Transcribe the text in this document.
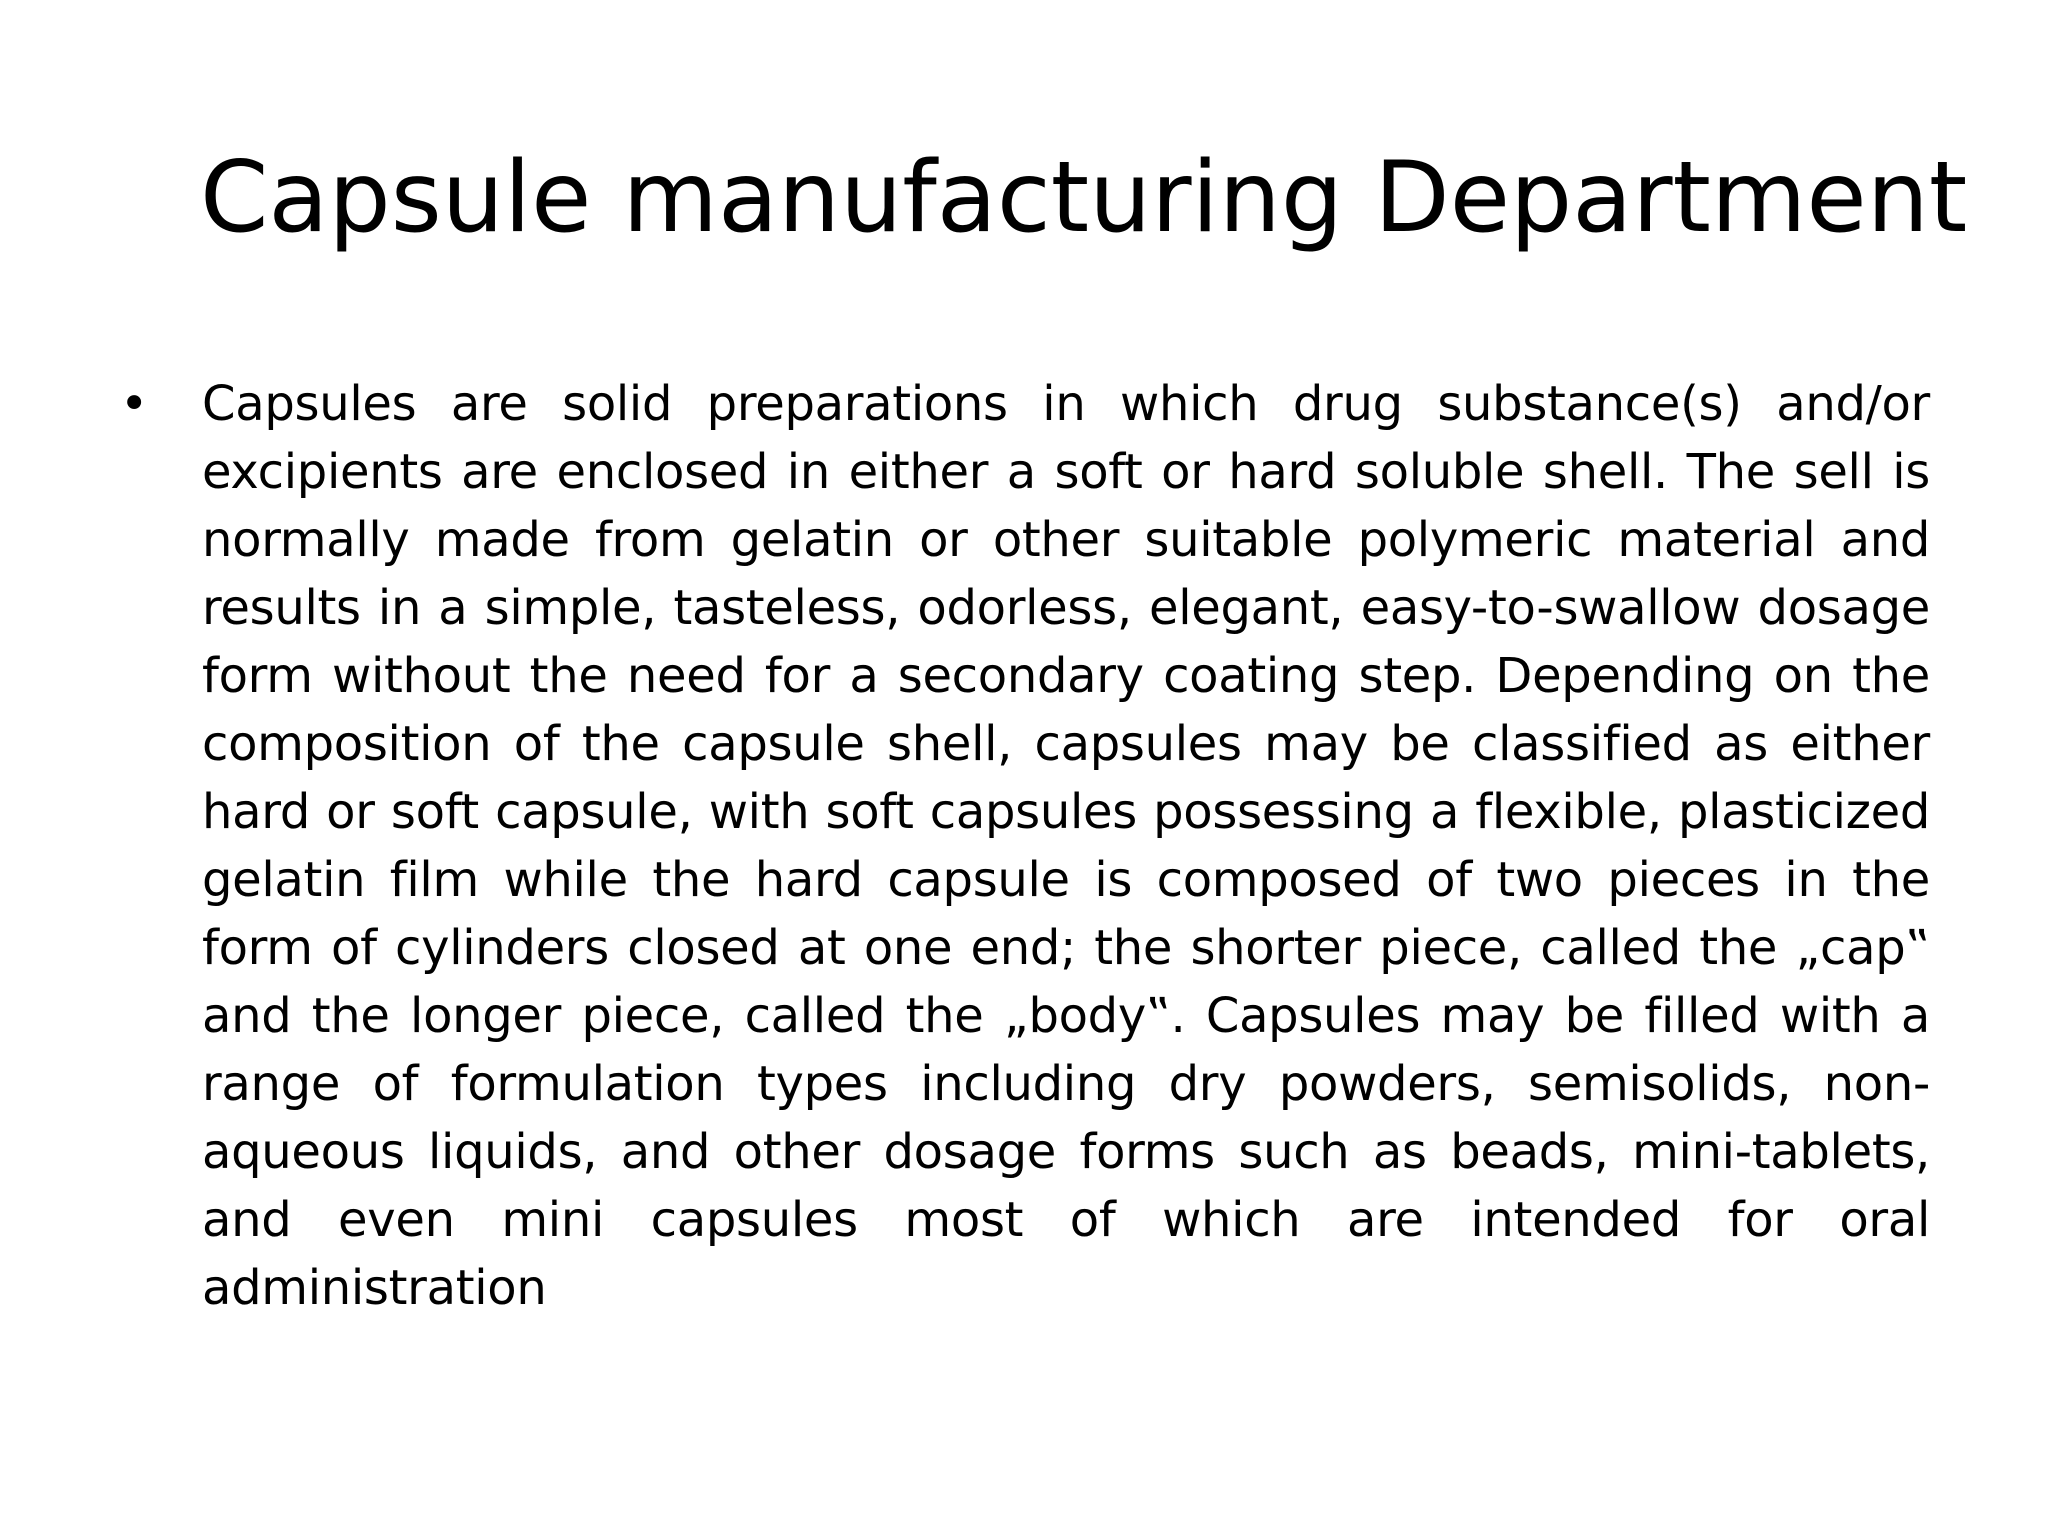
Capsule manufacturing Department
• Capsules are solid preparations in which drug substance(s) and/or excipients are enclosed in either a soft or hard soluble shell. The sell is normally made from gelatin or other suitable polymeric material and results in a simple, tasteless, odorless, elegant, easy-to-swallow dosage form without the need for a secondary coating step. Depending on the composition of the capsule shell, capsules may be classified as either hard or soft capsule, with soft capsules possessing a flexible, plasticized gelatin film while the hard capsule is composed of two pieces in the form of cylinders closed at one end; the shorter piece, called the „cap‟ and the longer piece, called the „body‟. Capsules may be filled with a range of formulation types including dry powders, semisolids, non-aqueous liquids, and other dosage forms such as beads, mini-tablets, and even mini capsules most of which are intended for oral administration
